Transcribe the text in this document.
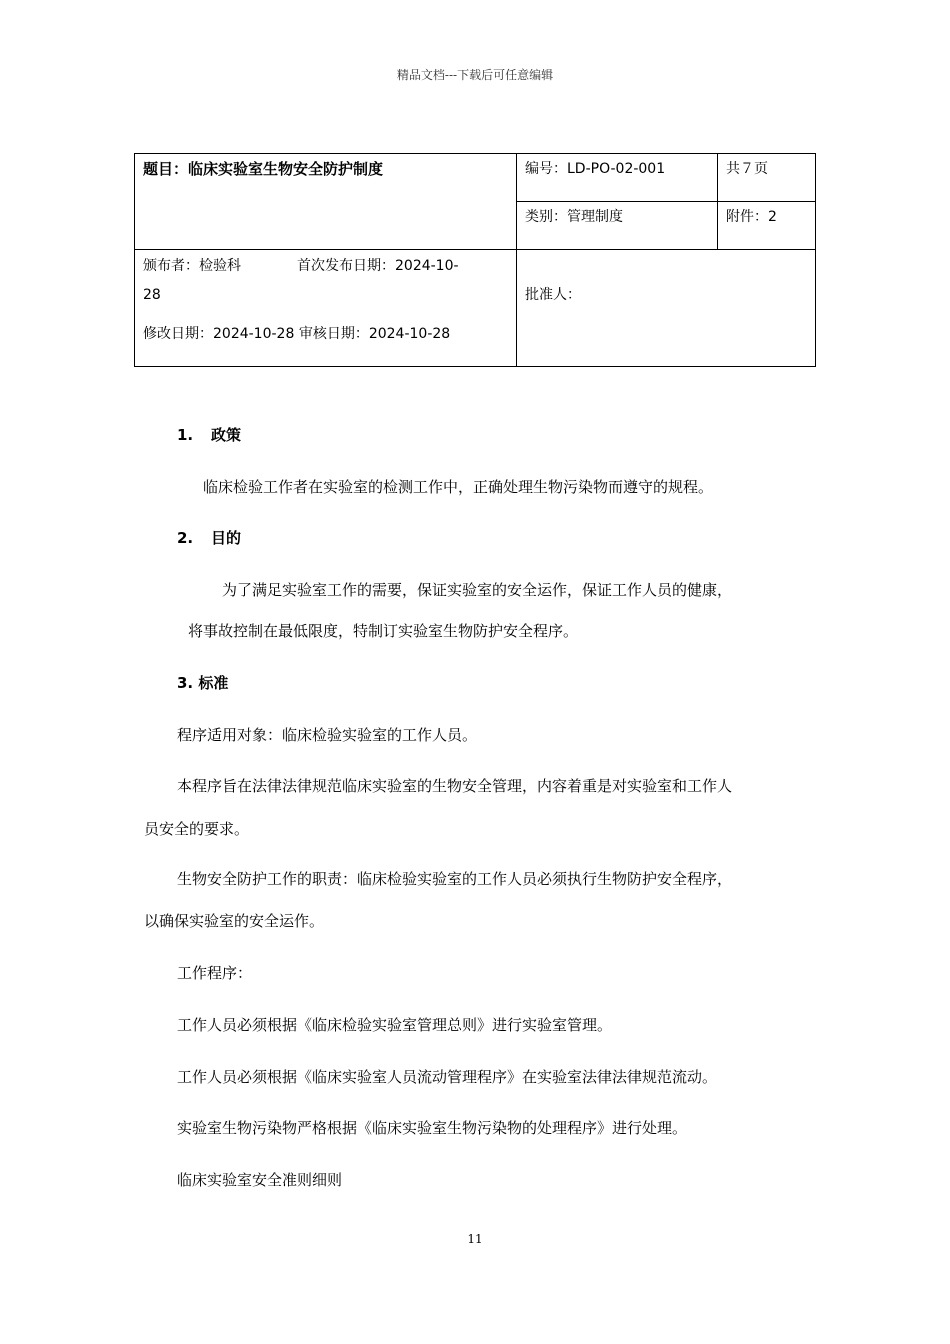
精品文档---下载后可任意编辑
题目：临床实验室生物安全防护制度	编号：LD-PO-02-001	共７页

	类别：管理制度	附件：2

颁布者：检验科 首次发布日期：2024-10-
28
修改日期：2024-10-28 审核日期：2024-10-28	批准人：	
1. 政策
临床检验工作者在实验室的检测工作中，正确处理生物污染物而遵守的规程。
2. 目的
为了满足实验室工作的需要，保证实验室的安全运作，保证工作人员的健康，
将事故控制在最低限度，特制订实验室生物防护安全程序。
3. 标准
程序适用对象：临床检验实验室的工作人员。
本程序旨在法律法律规范临床实验室的生物安全管理，内容着重是对实验室和工作人
员安全的要求。
生物安全防护工作的职责：临床检验实验室的工作人员必须执行生物防护安全程序，
以确保实验室的安全运作。
工作程序：
工作人员必须根据《临床检验实验室管理总则》进行实验室管理。
工作人员必须根据《临床实验室人员流动管理程序》在实验室法律法律规范流动。
实验室生物污染物严格根据《临床实验室生物污染物的处理程序》进行处理。
临床实验室安全准则细则
11
